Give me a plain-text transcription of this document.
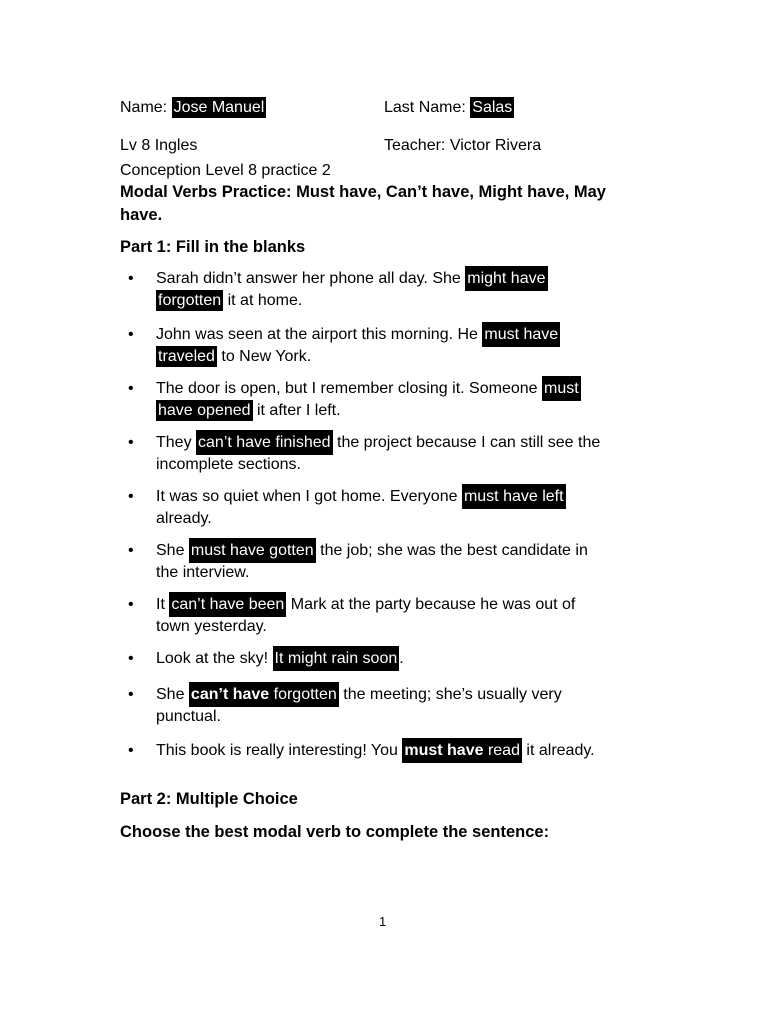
Name: Jose Manuel	Last Name: Salas
Lv 8 Ingles	Teacher: Victor Rivera
Conception Level 8 practice 2
Modal Verbs Practice: Must have, Can’t have, Might have, May have.
Part 1: Fill in the blanks
• Sarah didn’t answer her phone all day. She might have
forgotten it at home.
• John was seen at the airport this morning. He must have
traveled to New York.
• The door is open, but I remember closing it. Someone must
have opened it after I left.
• They can’t have finished the project because I can still see the
incomplete sections.
• It was so quiet when I got home. Everyone must have left
already.
• She must have gotten the job; she was the best candidate in
the interview.
• It can’t have been Mark at the party because he was out of
town yesterday.
• Look at the sky! It might rain soon .
• She can’t have forgotten the meeting; she’s usually very
punctual.
• This book is really interesting! You must have read it already.
Part 2: Multiple Choice
Choose the best modal verb to complete the sentence:
1
